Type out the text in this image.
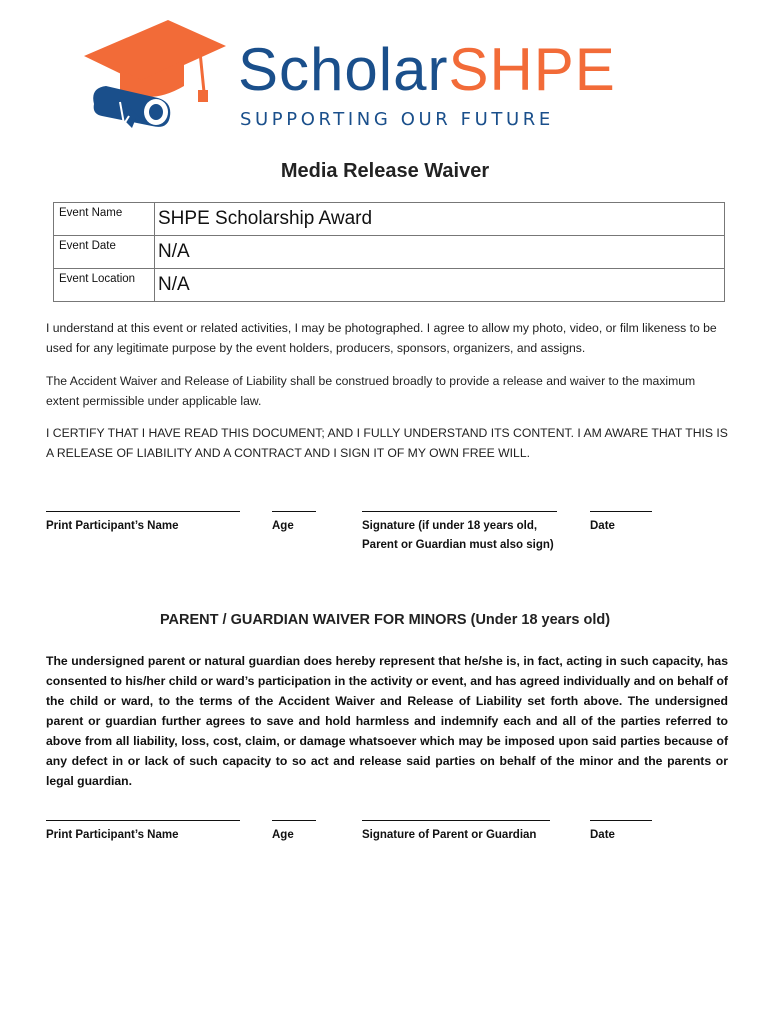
ScholarSHPE
SUPPORTING OUR FUTURE
Media Release Waiver
Event Name	SHPE Scholarship Award
Event Date	N/A
Event Location	N/A
I understand at this event or related activities, I may be photographed. I agree to allow my photo, video, or film likeness to be used for any legitimate purpose by the event holders, producers, sponsors, organizers, and assigns.
The Accident Waiver and Release of Liability shall be construed broadly to provide a release and waiver to the maximum extent permissible under applicable law.
I CERTIFY THAT I HAVE READ THIS DOCUMENT; AND I FULLY UNDERSTAND ITS CONTENT. I AM AWARE THAT THIS IS A RELEASE OF LIABILITY AND A CONTRACT AND I SIGN IT OF MY OWN FREE WILL.
Print Participant’s Name	Age	Signature (if under 18 years old,
Parent or Guardian must also sign)
Date
PARENT / GUARDIAN WAIVER FOR MINORS (Under 18 years old)
The undersigned parent or natural guardian does hereby represent that he/she is, in fact, acting in such capacity, has consented to his/her child or ward’s participation in the activity or event, and has agreed individually and on behalf of the child or ward, to the terms of the Accident Waiver and Release of Liability set forth above. The undersigned parent or guardian further agrees to save and hold harmless and indemnify each and all of the parties referred to above from all liability, loss, cost, claim, or damage whatsoever which may be imposed upon said parties because of any defect in or lack of such capacity to so act and release said parties on behalf of the minor and the parents or legal guardian.
Print Participant’s Name	Age	Signature of Parent or Guardian	Date
